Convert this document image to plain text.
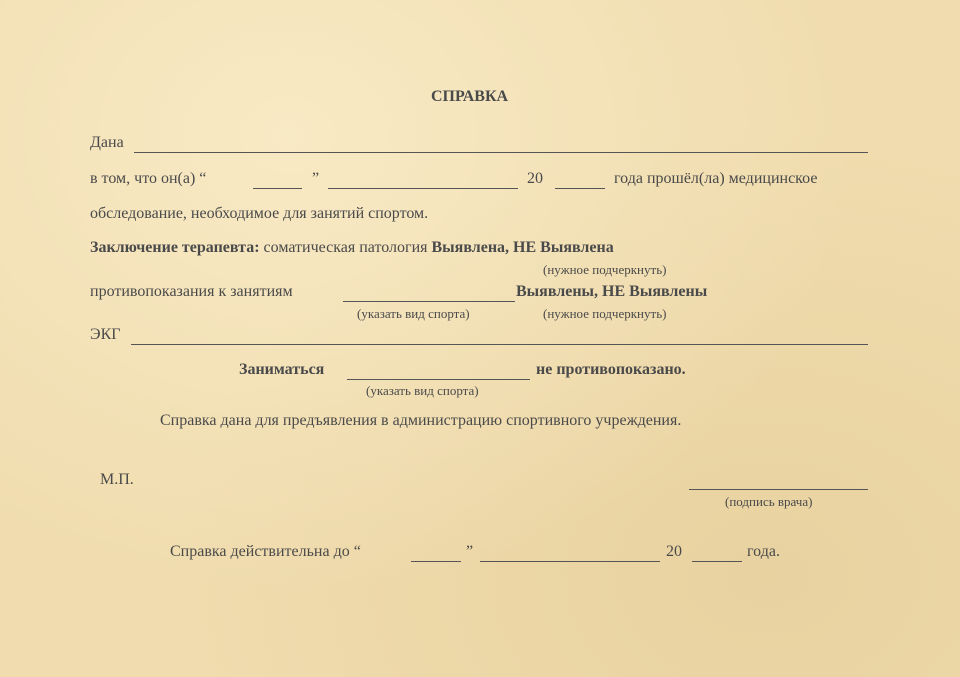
СПРАВКА
Дана
в том, что он(а) “	”	20	года прошёл(ла) медицинское
обследование, необходимое для занятий спортом.
Заключение терапевта: соматическая патология Выявлена, НЕ Выявлена
(нужное подчеркнуть)
противопоказания к занятиям	Выявлены, НЕ Выявлены
(указать вид спорта)	(нужное подчеркнуть)
ЭКГ
Заниматься	не противопоказано.
(указать вид спорта)
Справка дана для предъявления в администрацию спортивного учреждения.
М.П.
(подпись врача)
Справка действительна до “	”	20	года.
